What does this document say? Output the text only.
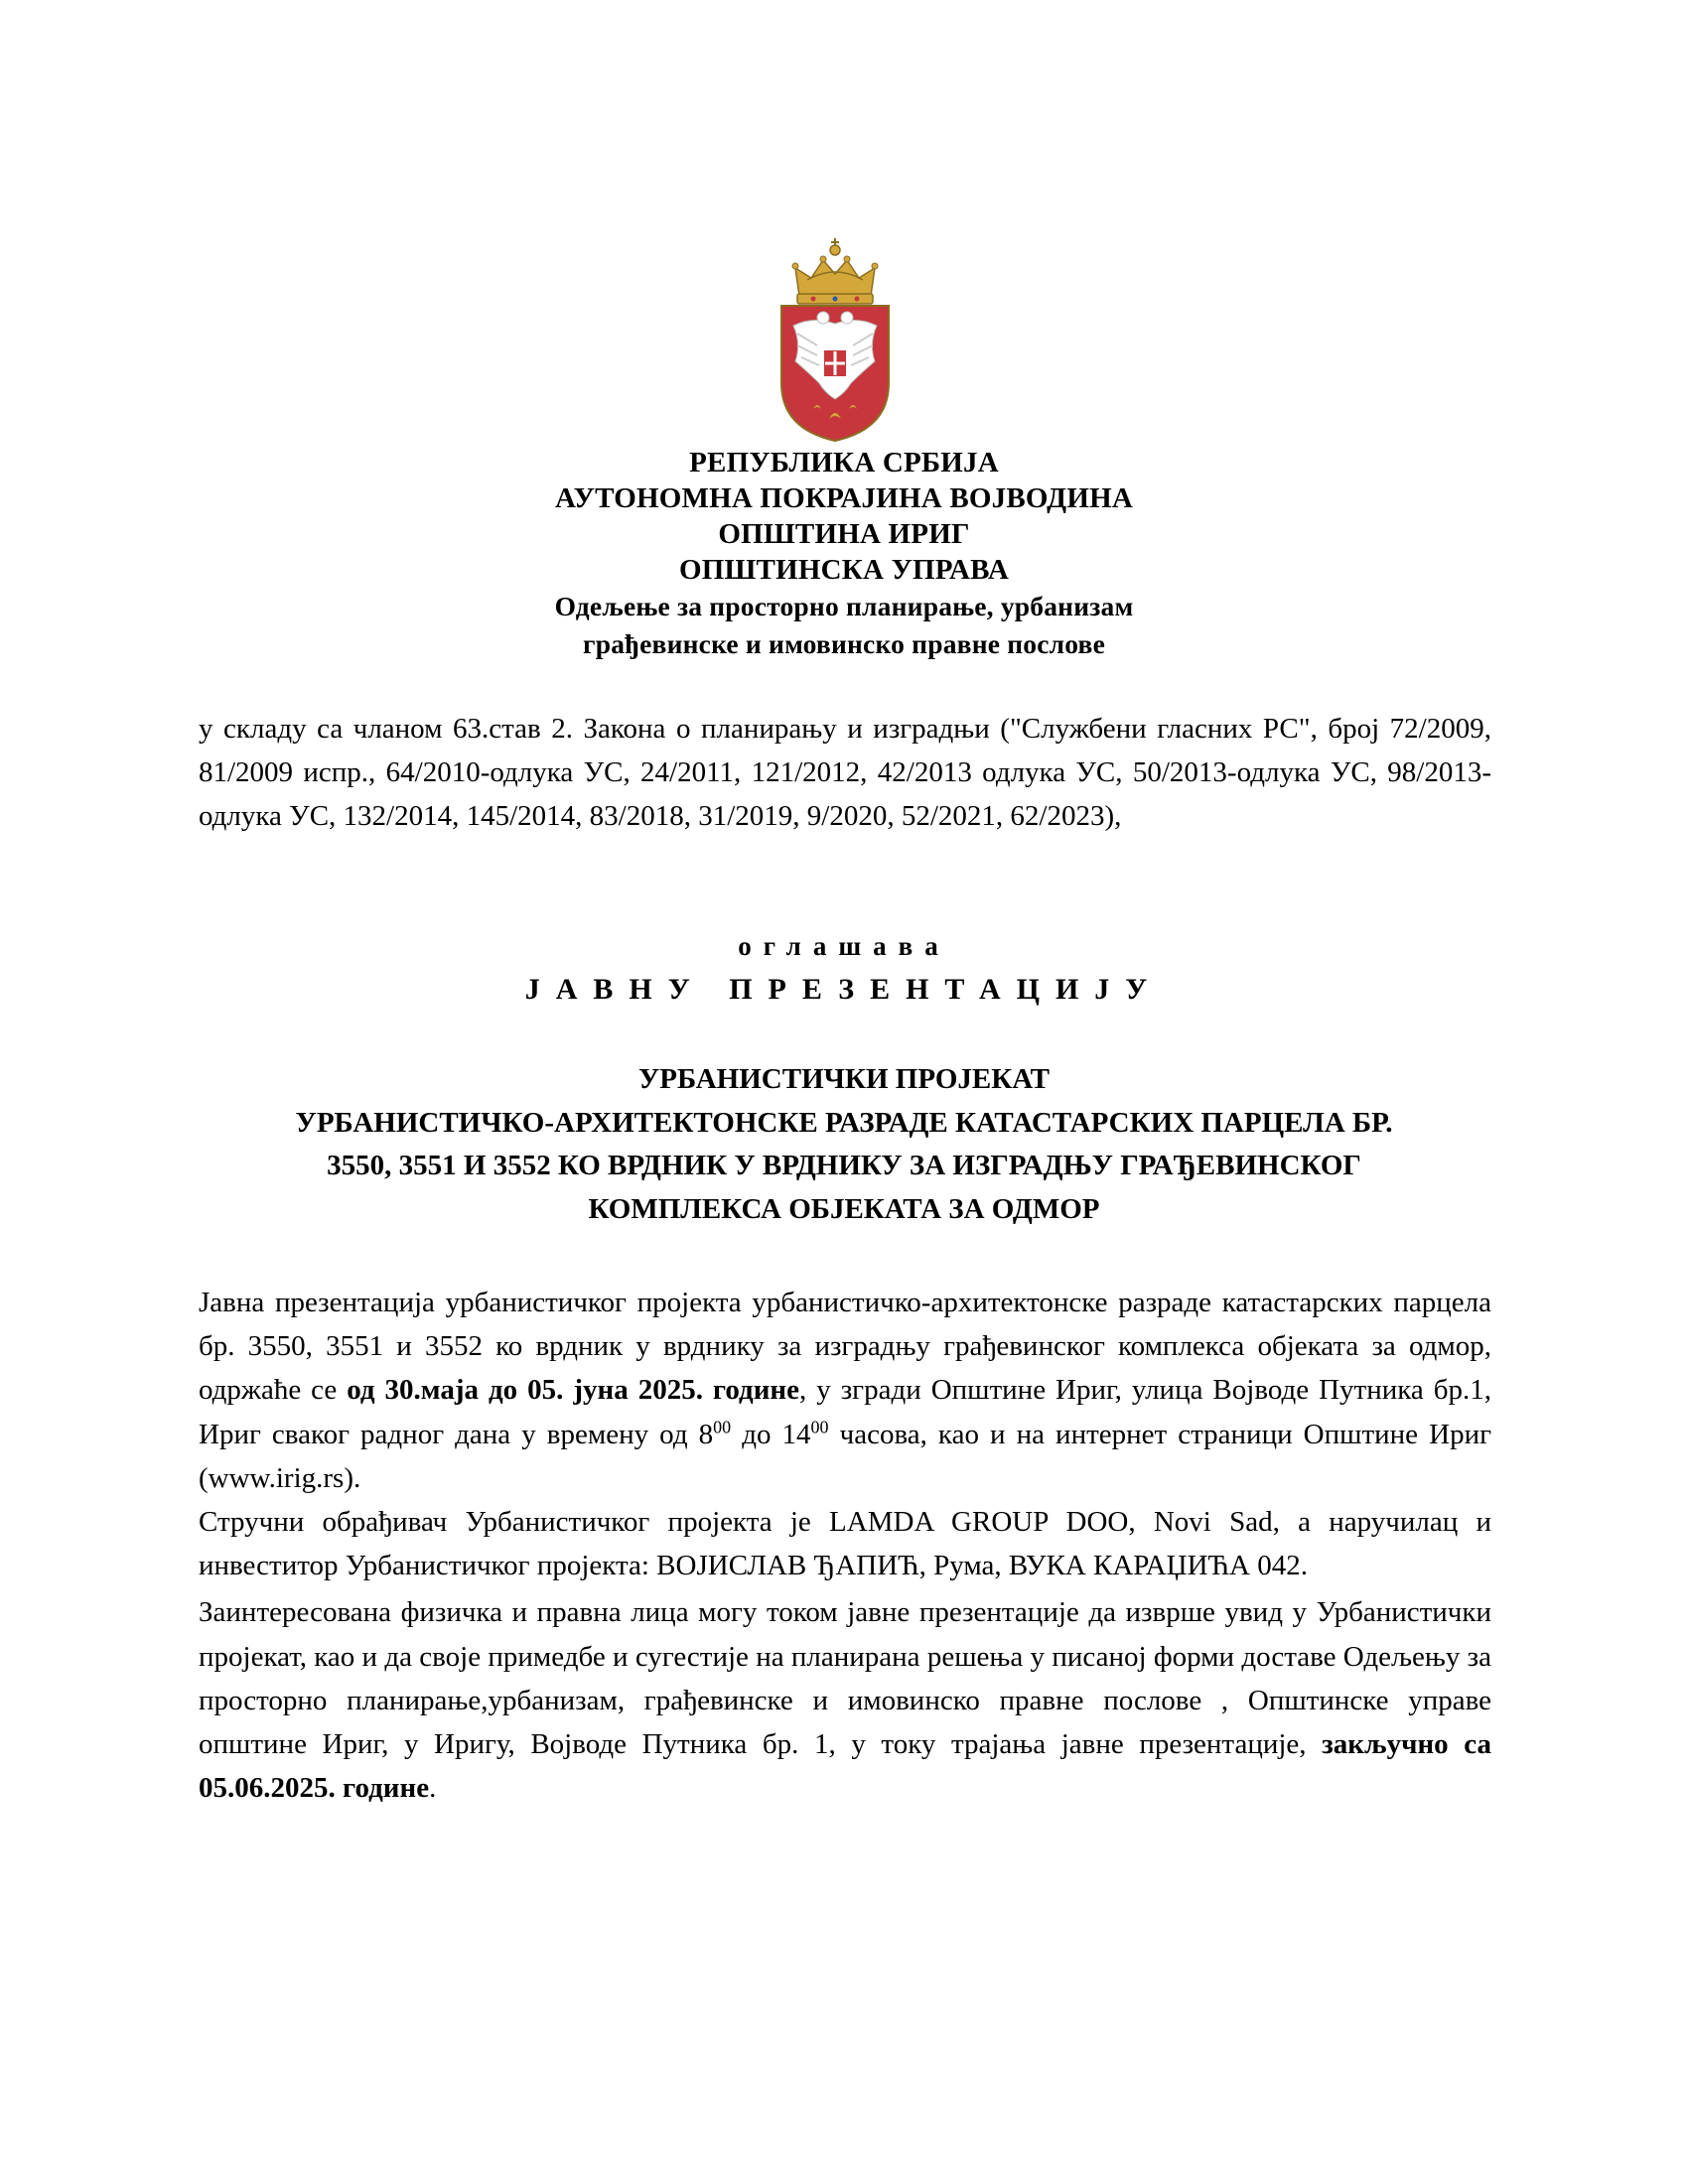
РЕПУБЛИКА СРБИЈА
АУТОНОМНА ПОКРАЈИНА ВОЈВОДИНА
ОПШТИНА ИРИГ
ОПШТИНСКА УПРАВА
Одељење за просторно планирање, урбанизам
грађевинске и имовинско правне послове
у складу са чланом 63.став 2. Закона о планирању и изградњи ("Службени гласних РС", број 72/2009, 81/2009 испр., 64/2010-одлука УС, 24/2011, 121/2012, 42/2013 одлука УС, 50/2013-одлука УС, 98/2013-одлука УС, 132/2014, 145/2014, 83/2018, 31/2019, 9/2020, 52/2021, 62/2023),
оглашава
ЈАВНУ ПРЕЗЕНТАЦИЈУ
УРБАНИСТИЧКИ ПРОЈЕКАТ
УРБАНИСТИЧКО-АРХИТЕКТОНСКЕ РАЗРАДЕ КАТАСТАРСКИХ ПАРЦЕЛА БР.
3550, 3551 И 3552 КО ВРДНИК У ВРДНИКУ ЗА ИЗГРАДЊУ ГРАЂЕВИНСКОГ
КОМПЛЕКСА ОБЈЕКАТА ЗА ОДМОР

Јавна презентација урбанистичког пројекта урбанистичко-архитектонске разраде катастарских парцела бр. 3550, 3551 и 3552 ко врдник у врднику за изградњу грађевинског комплекса објеката за одмор, одржаће се од 30.маја до 05. јуна 2025. године, у згради Општине Ириг, улица Војводе Путника бр.1, Ириг сваког радног дана у времену од $8^{00}$ до $14^{00}$ часова, као и на интернет страници Општине Ириг (www.irig.rs).

Стручни обрађивач Урбанистичког пројекта је LAMDA GROUP DOO, Novi Sad, а наручилац и инвеститор Урбанистичког пројекта: ВОЈИСЛАВ ЂАПИЋ, Рума, ВУКА КАРАЏИЋА 042.

Заинтересована физичка и правна лица могу током јавне презентације да изврше увид у Урбанистички пројекат, као и да своје примедбе и сугестије на планирана решења у писаној форми доставе Одељењу за просторно планирање,урбанизам, грађевинске и имовинско правне послове , Општинске управе општине Ириг, у Иригу, Војводе Путника бр. 1, у току трајања јавне презентације, закључно са 05.06.2025. године.
